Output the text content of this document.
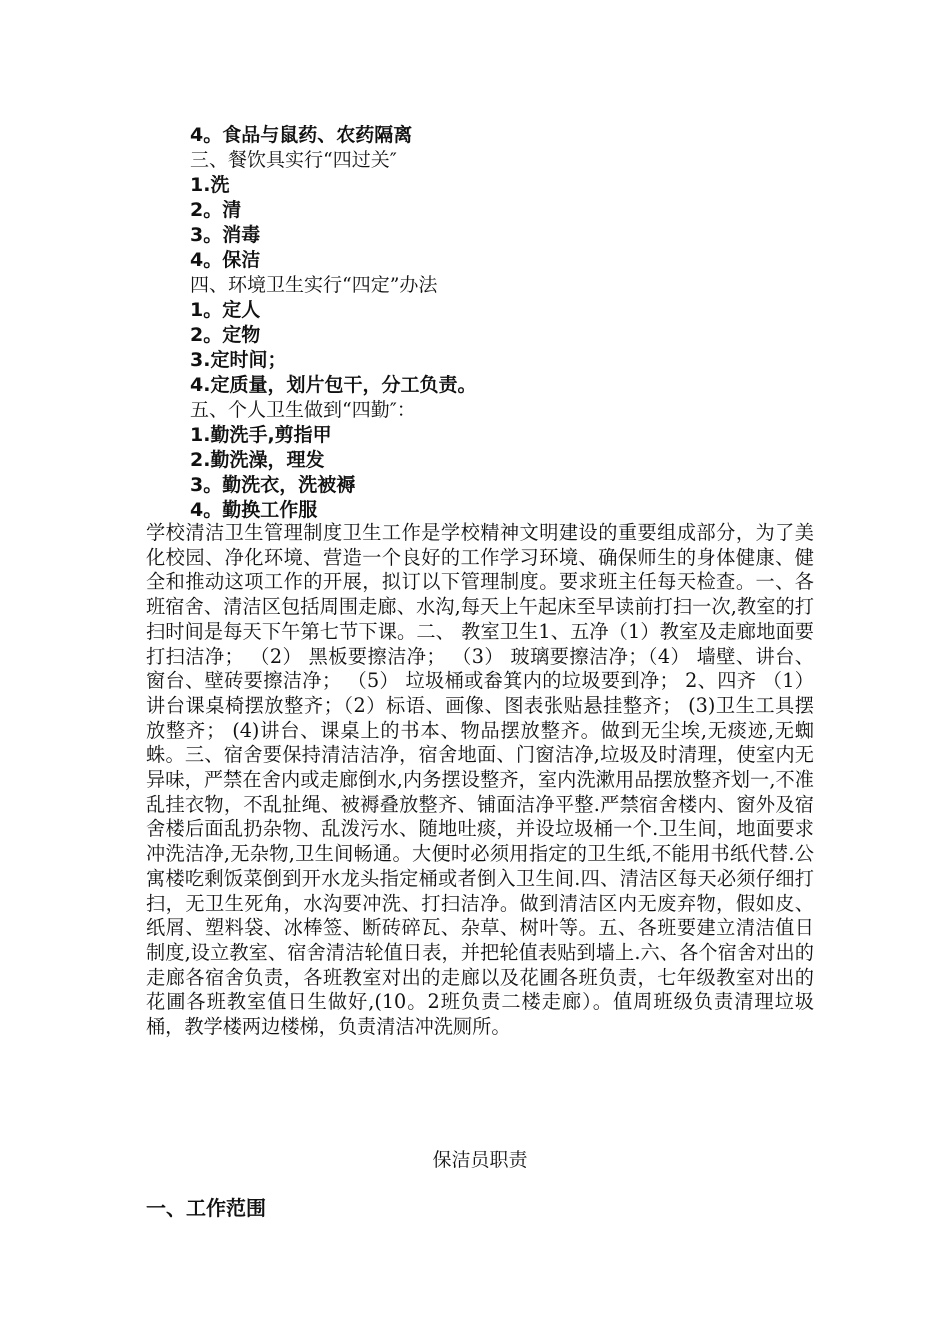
4。食品与鼠药、农药隔离
三、餐饮具实行“四过关″
1.洗
2。清
3。消毒
4。保洁
四、环境卫生实行“四定”办法
1。定人
2。定物
3.定时间；
4.定质量，划片包干，分工负责。
五、个人卫生做到“四勤″：
1.勤洗手,剪指甲
2.勤洗澡，理发
3。勤洗衣，洗被褥
4。勤换工作服
学校清洁卫生管理制度卫生工作是学校精神文明建设的重要组成部分，为了美化校园、净化环境、营造一个良好的工作学习环境、确保师生的身体健康、健全和推动这项工作的开展，拟订以下管理制度。要求班主任每天检查。一、各班宿舍、清洁区包括周围走廊、水沟,每天上午起床至早读前打扫一次,教室的打扫时间是每天下午第七节下课。二、 教室卫生1、五净（1）教室及走廊地面要打扫洁净； （2） 黑板要擦洁净； （3） 玻璃要擦洁净；（4） 墙壁、讲台、窗台、壁砖要擦洁净； （5） 垃圾桶或畚箕内的垃圾要到净； 2、四齐 （1） 讲台课桌椅摆放整齐；（2）标语、画像、图表张贴悬挂整齐； (3)卫生工具摆放整齐； (4)讲台、课桌上的书本、物品摆放整齐。做到无尘埃,无痰迹,无蜘蛛。三、宿舍要保持清洁洁净，宿舍地面、门窗洁净,垃圾及时清理，使室内无异味，严禁在舍内或走廊倒水,内务摆设整齐，室内洗漱用品摆放整齐划一,不准乱挂衣物，不乱扯绳、被褥叠放整齐、铺面洁净平整.严禁宿舍楼内、窗外及宿舍楼后面乱扔杂物、乱泼污水、随地吐痰，并设垃圾桶一个.卫生间，地面要求冲洗洁净,无杂物,卫生间畅通。大便时必须用指定的卫生纸,不能用书纸代替.公寓楼吃剩饭菜倒到开水龙头指定桶或者倒入卫生间.四、清洁区每天必须仔细打扫，无卫生死角，水沟要冲洗、打扫洁净。做到清洁区内无废弃物，假如皮、纸屑、塑料袋、冰棒签、断砖碎瓦、杂草、树叶等。五、各班要建立清洁值日制度,设立教室、宿舍清洁轮值日表，并把轮值表贴到墙上.六、各个宿舍对出的走廊各宿舍负责，各班教室对出的走廊以及花圃各班负责，七年级教室对出的花圃各班教室值日生做好,(10。2班负责二楼走廊）。值周班级负责清理垃圾桶，教学楼两边楼梯，负责清洁冲洗厕所。
保洁员职责
一、工作范围
